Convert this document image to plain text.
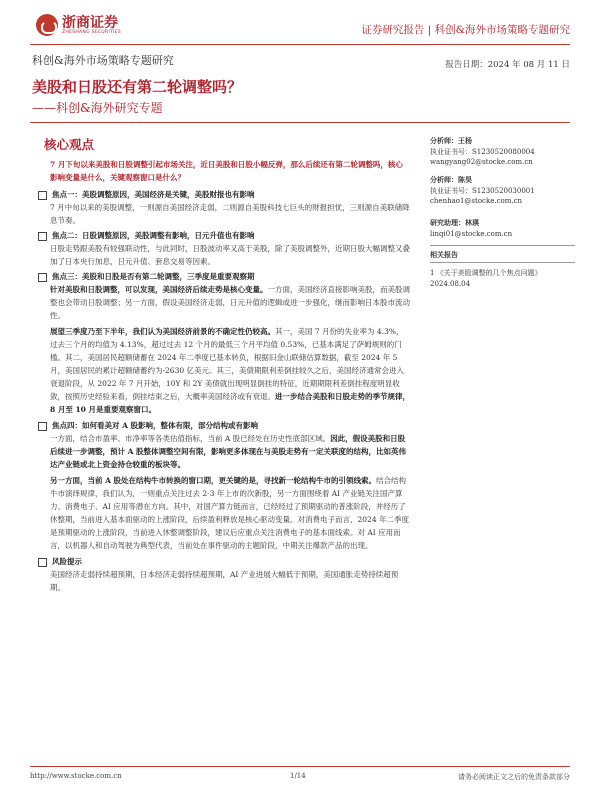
浙商证券
ZHESHANG SECURITIES	证券研究报告 | 科创&海外市场策略专题研究
科创&海外市场策略专题研究	报告日期：2024 年 08 月 11 日
美股和日股还有第二轮调整吗？
——科创&海外研究专题
核心观点

7 月下旬以来美股和日股调整引起市场关注，近日美股和日股小幅反弹，那么后续还有第二轮调整吗，核心影响变量是什么，关键观察窗口是什么？

焦点一：美股调整原因，美国经济是关键，美股财报也有影响

7 月中旬以来的美股调整，一则源自美国经济走弱，二则源自美股科技七巨头的财报担忧，三则源自美联储降息节奏。

焦点二：日股调整原因，美股调整有影响，日元升值也有影响

日股走势跟美股有较强联动性，与此同时，日股波动率又高于美股，除了美股调整外，近期日股大幅调整又叠加了日本央行加息，日元升值、套息交易等因素。

焦点三：美股和日股是否有第二轮调整，三季度是重要观察期

针对美股和日股调整，可以发现，美国经济后续走势是核心变量。一方面，美国经济直接影响美股，而美股调整也会带动日股调整；另一方面，假设美国经济走弱，日元升值的逻辑或进一步强化，继而影响日本股市流动性。

展望三季度乃至下半年，我们认为美国经济前景的不确定性仍较高。其一，美国 7 月份的失业率为 4.3%，过去三个月的均值为 4.13%，超过过去 12 个月的最低三个月平均值 0.53%，已基本满足了萨姆规则的门槛。其二，美国居民超额储蓄在 2024 年二季度已基本转负，根据旧金山联储估算数据，截至 2024 年 5 月，美国居民的累计超额储蓄约为-2630 亿美元。其三，美债期限利差倒挂较久之后，美国经济通常会进入衰退阶段，从 2022 年 7 月开始，10Y 和 2Y 美债就出现明显倒挂的特征，近期期限利差倒挂程度明显收敛，按照历史经验来看，倒挂结束之后，大概率美国经济或有衰退。进一步结合美股和日股走势的季节规律，8 月至 10 月是重要观察窗口。

焦点四：如何看美对 A 股影响，整体有限，部分结构或有影响

一方面，结合市盈率、市净率等各类估值指标，当前 A 股已经处在历史性底部区域。因此，假设美股和日股后续进一步调整，预计 A 股整体调整空间有限，影响更多体现在与美股走势有一定关联度的结构，比如英伟达产业链或北上资金持仓较重的板块等。

另一方面，当前 A 股处在结构牛市转换的窗口期，更关键的是，寻找新一轮结构牛市的引领线索。结合结构牛市演绎规律，我们认为，一则重点关注过去 2-3 年上市的次新股，另一方面围绕着 AI 产业链关注国产算力、消费电子、AI 应用等潜在方向。其中，对国产算力链而言，已经经过了预期驱动的普涨阶段，并经历了休整期，当前进入基本面驱动的上涨阶段，后续盈利释放是核心驱动变量。对消费电子而言，2024 年二季度是预期驱动的上涨阶段，当前进入休整调整阶段，建议后应重点关注消费电子的基本面线索。对 AI 应用而言，以机器人和自动驾驶为典型代表，当前处在事件驱动的主题阶段，中期关注爆款产品的出现。

风险提示

美国经济走弱持续超预期，日本经济走弱持续超预期，AI 产业进展大幅低于预期，美国通胀走势持续超预期。

分析师：王杨
执业证书号：S1230520080004
wangyang02@stocke.com.cn
分析师：陈昊
执业证书号：S1230520030001
chenhao1@stocke.com.cn
研究助理：林瑛
linqi01@stocke.com.cn
相关报告
1 《关于美股调整的几个焦点问题》 2024.08.04
http://www.stocke.com.cn	1/14	请务必阅读正文之后的免责条款部分
